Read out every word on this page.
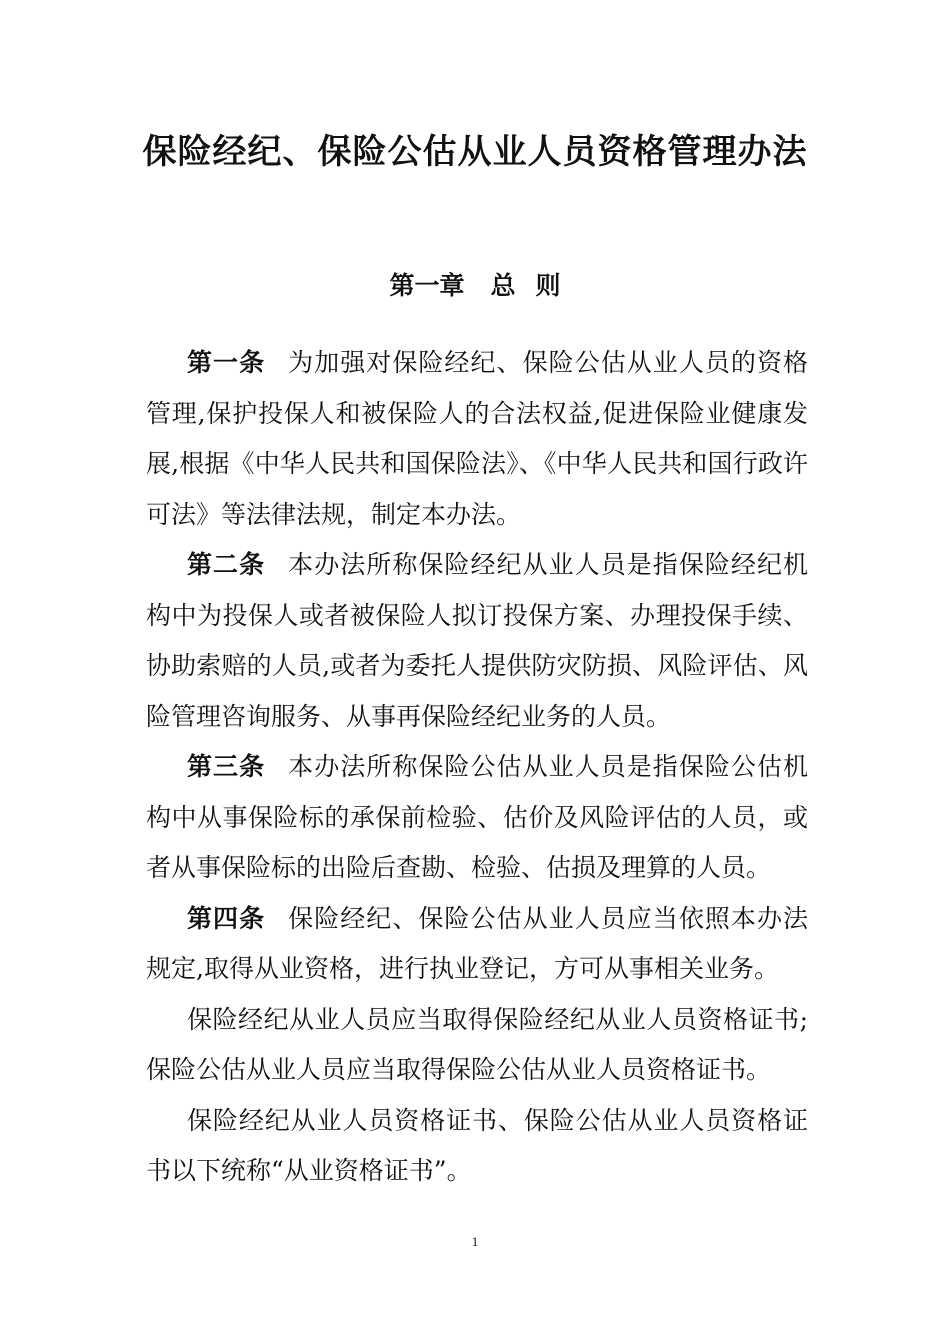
保险经纪、保险公估从业人员资格管理办法
第一章 总 则

第一条 为加强对保险经纪、保险公估从业人员的资格管理,保护投保人和被保险人的合法权益,促进保险业健康发展,根据《中华人民共和国保险法》、《中华人民共和国行政许可法》等法律法规，制定本办法。

第二条 本办法所称保险经纪从业人员是指保险经纪机构中为投保人或者被保险人拟订投保方案、办理投保手续、协助索赔的人员,或者为委托人提供防灾防损、风险评估、风险管理咨询服务、从事再保险经纪业务的人员。

第三条 本办法所称保险公估从业人员是指保险公估机构中从事保险标的承保前检验、估价及风险评估的人员，或者从事保险标的出险后查勘、检验、估损及理算的人员。

第四条 保险经纪、保险公估从业人员应当依照本办法规定,取得从业资格，进行执业登记，方可从事相关业务。

保险经纪从业人员应当取得保险经纪从业人员资格证书;保险公估从业人员应当取得保险公估从业人员资格证书。

保险经纪从业人员资格证书、保险公估从业人员资格证书以下统称“从业资格证书”。

1
